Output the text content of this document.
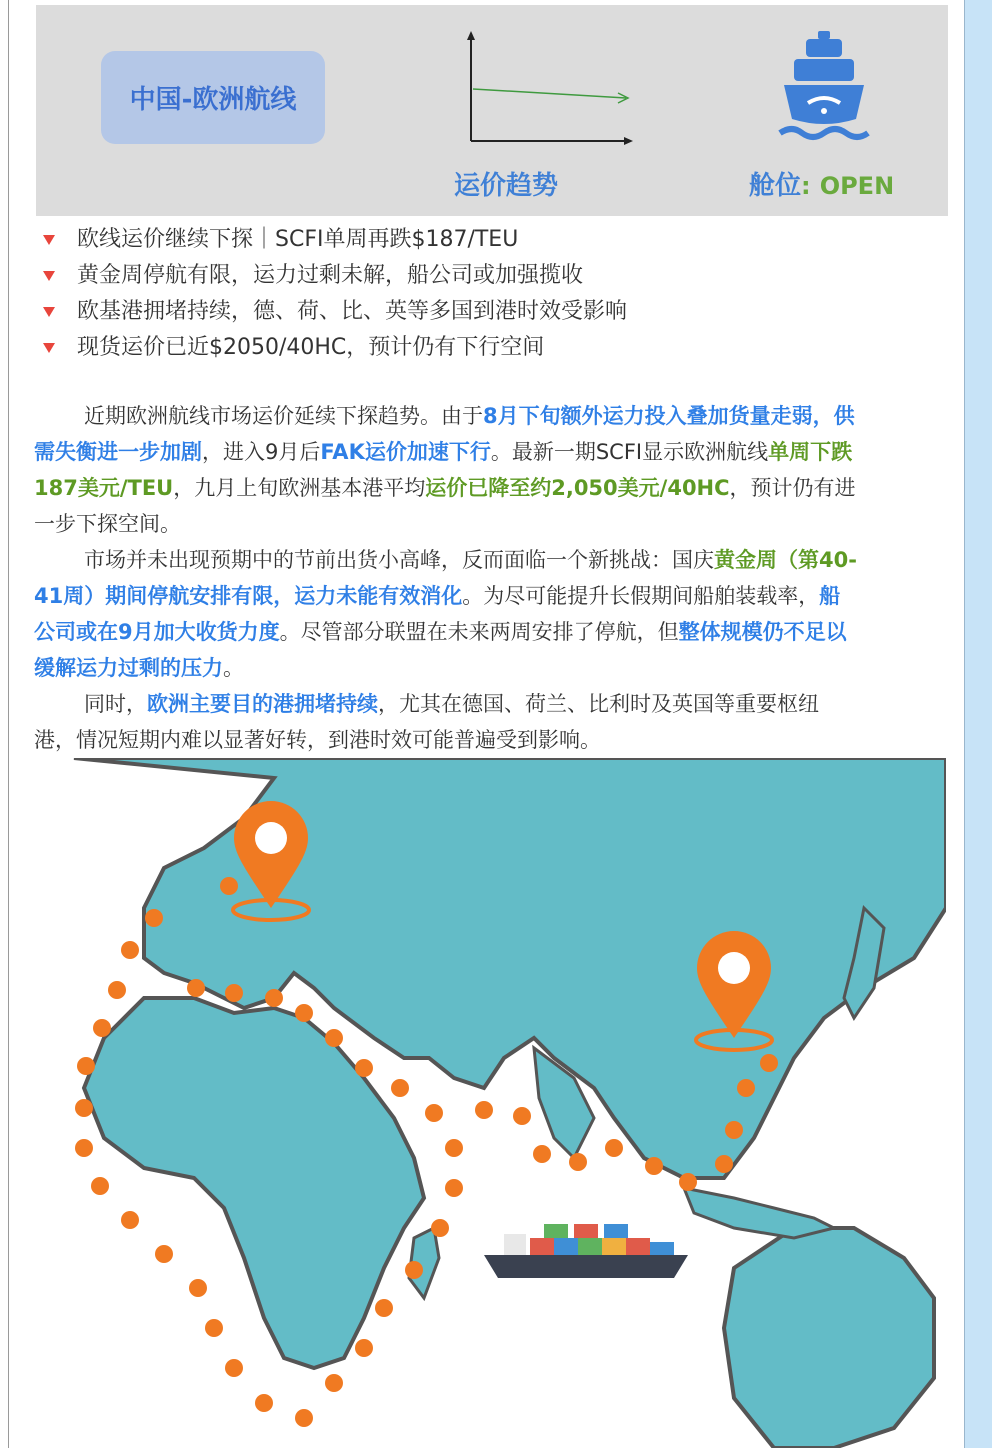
中国-欧洲航线
运价趋势	舱位: OPEN
欧线运价继续下探｜SCFI单周再跌$187/TEU
黄金周停航有限，运力过剩未解，船公司或加强揽收
欧基港拥堵持续，德、荷、比、英等多国到港时效受影响
现货运价已近$2050/40HC，预计仍有下行空间

近期欧洲航线市场运价延续下探趋势。由于8月下旬额外运力投入叠加货量走弱，供

需失衡进一步加剧，进入9月后FAK运价加速下行。最新一期SCFI显示欧洲航线单周下跌

187美元/TEU，九月上旬欧洲基本港平均运价已降至约2,050美元/40HC，预计仍有进

一步下探空间。

市场并未出现预期中的节前出货小高峰，反而面临一个新挑战：国庆黄金周（第40-

41周）期间停航安排有限，运力未能有效消化。为尽可能提升长假期间船舶装载率，船

公司或在9月加大收货力度。尽管部分联盟在未来两周安排了停航，但整体规模仍不足以

缓解运力过剩的压力。

同时，欧洲主要目的港拥堵持续，尤其在德国、荷兰、比利时及英国等重要枢纽

港，情况短期内难以显著好转，到港时效可能普遍受到影响。
